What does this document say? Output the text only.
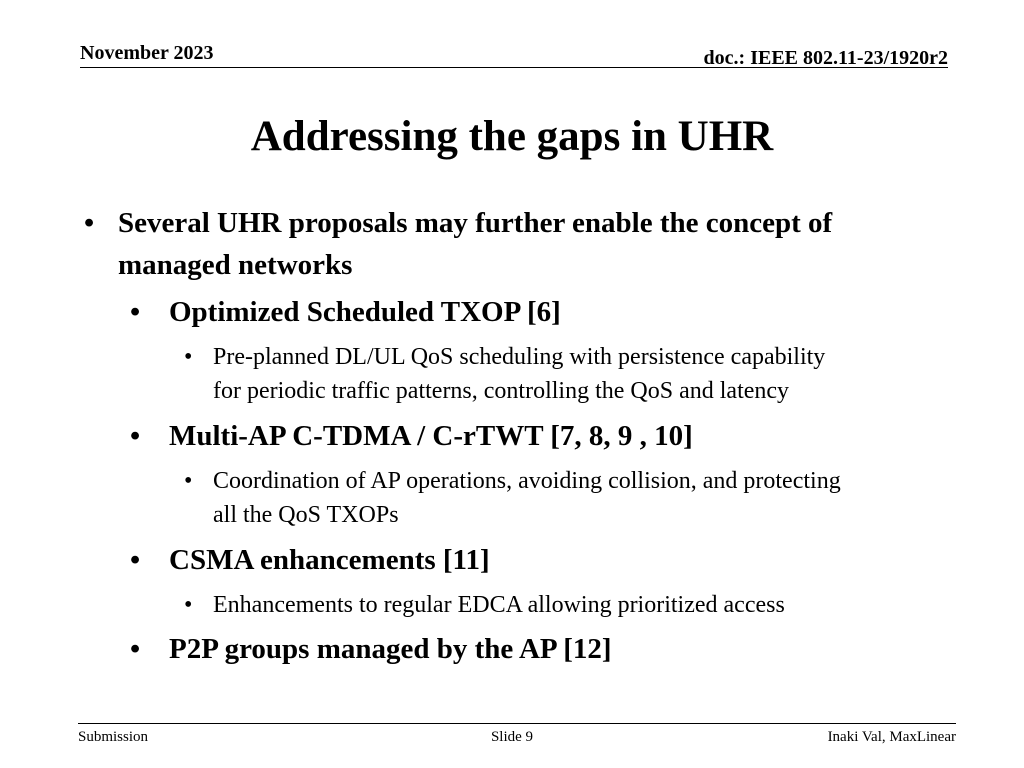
November 2023	doc.: IEEE 802.11-23/1920r2
Addressing the gaps in UHR
• Several UHR proposals may further enable the concept of
managed networks
• Optimized Scheduled TXOP [6]
• Pre-planned DL/UL QoS scheduling with persistence capability
for periodic traffic patterns, controlling the QoS and latency
• Multi-AP C-TDMA / C-rTWT [7, 8, 9 , 10]
• Coordination of AP operations, avoiding collision, and protecting
all the QoS TXOPs
• CSMA enhancements [11]
• Enhancements to regular EDCA allowing prioritized access
• P2P groups managed by the AP [12]
Submission	Slide 9	Inaki Val, MaxLinear
